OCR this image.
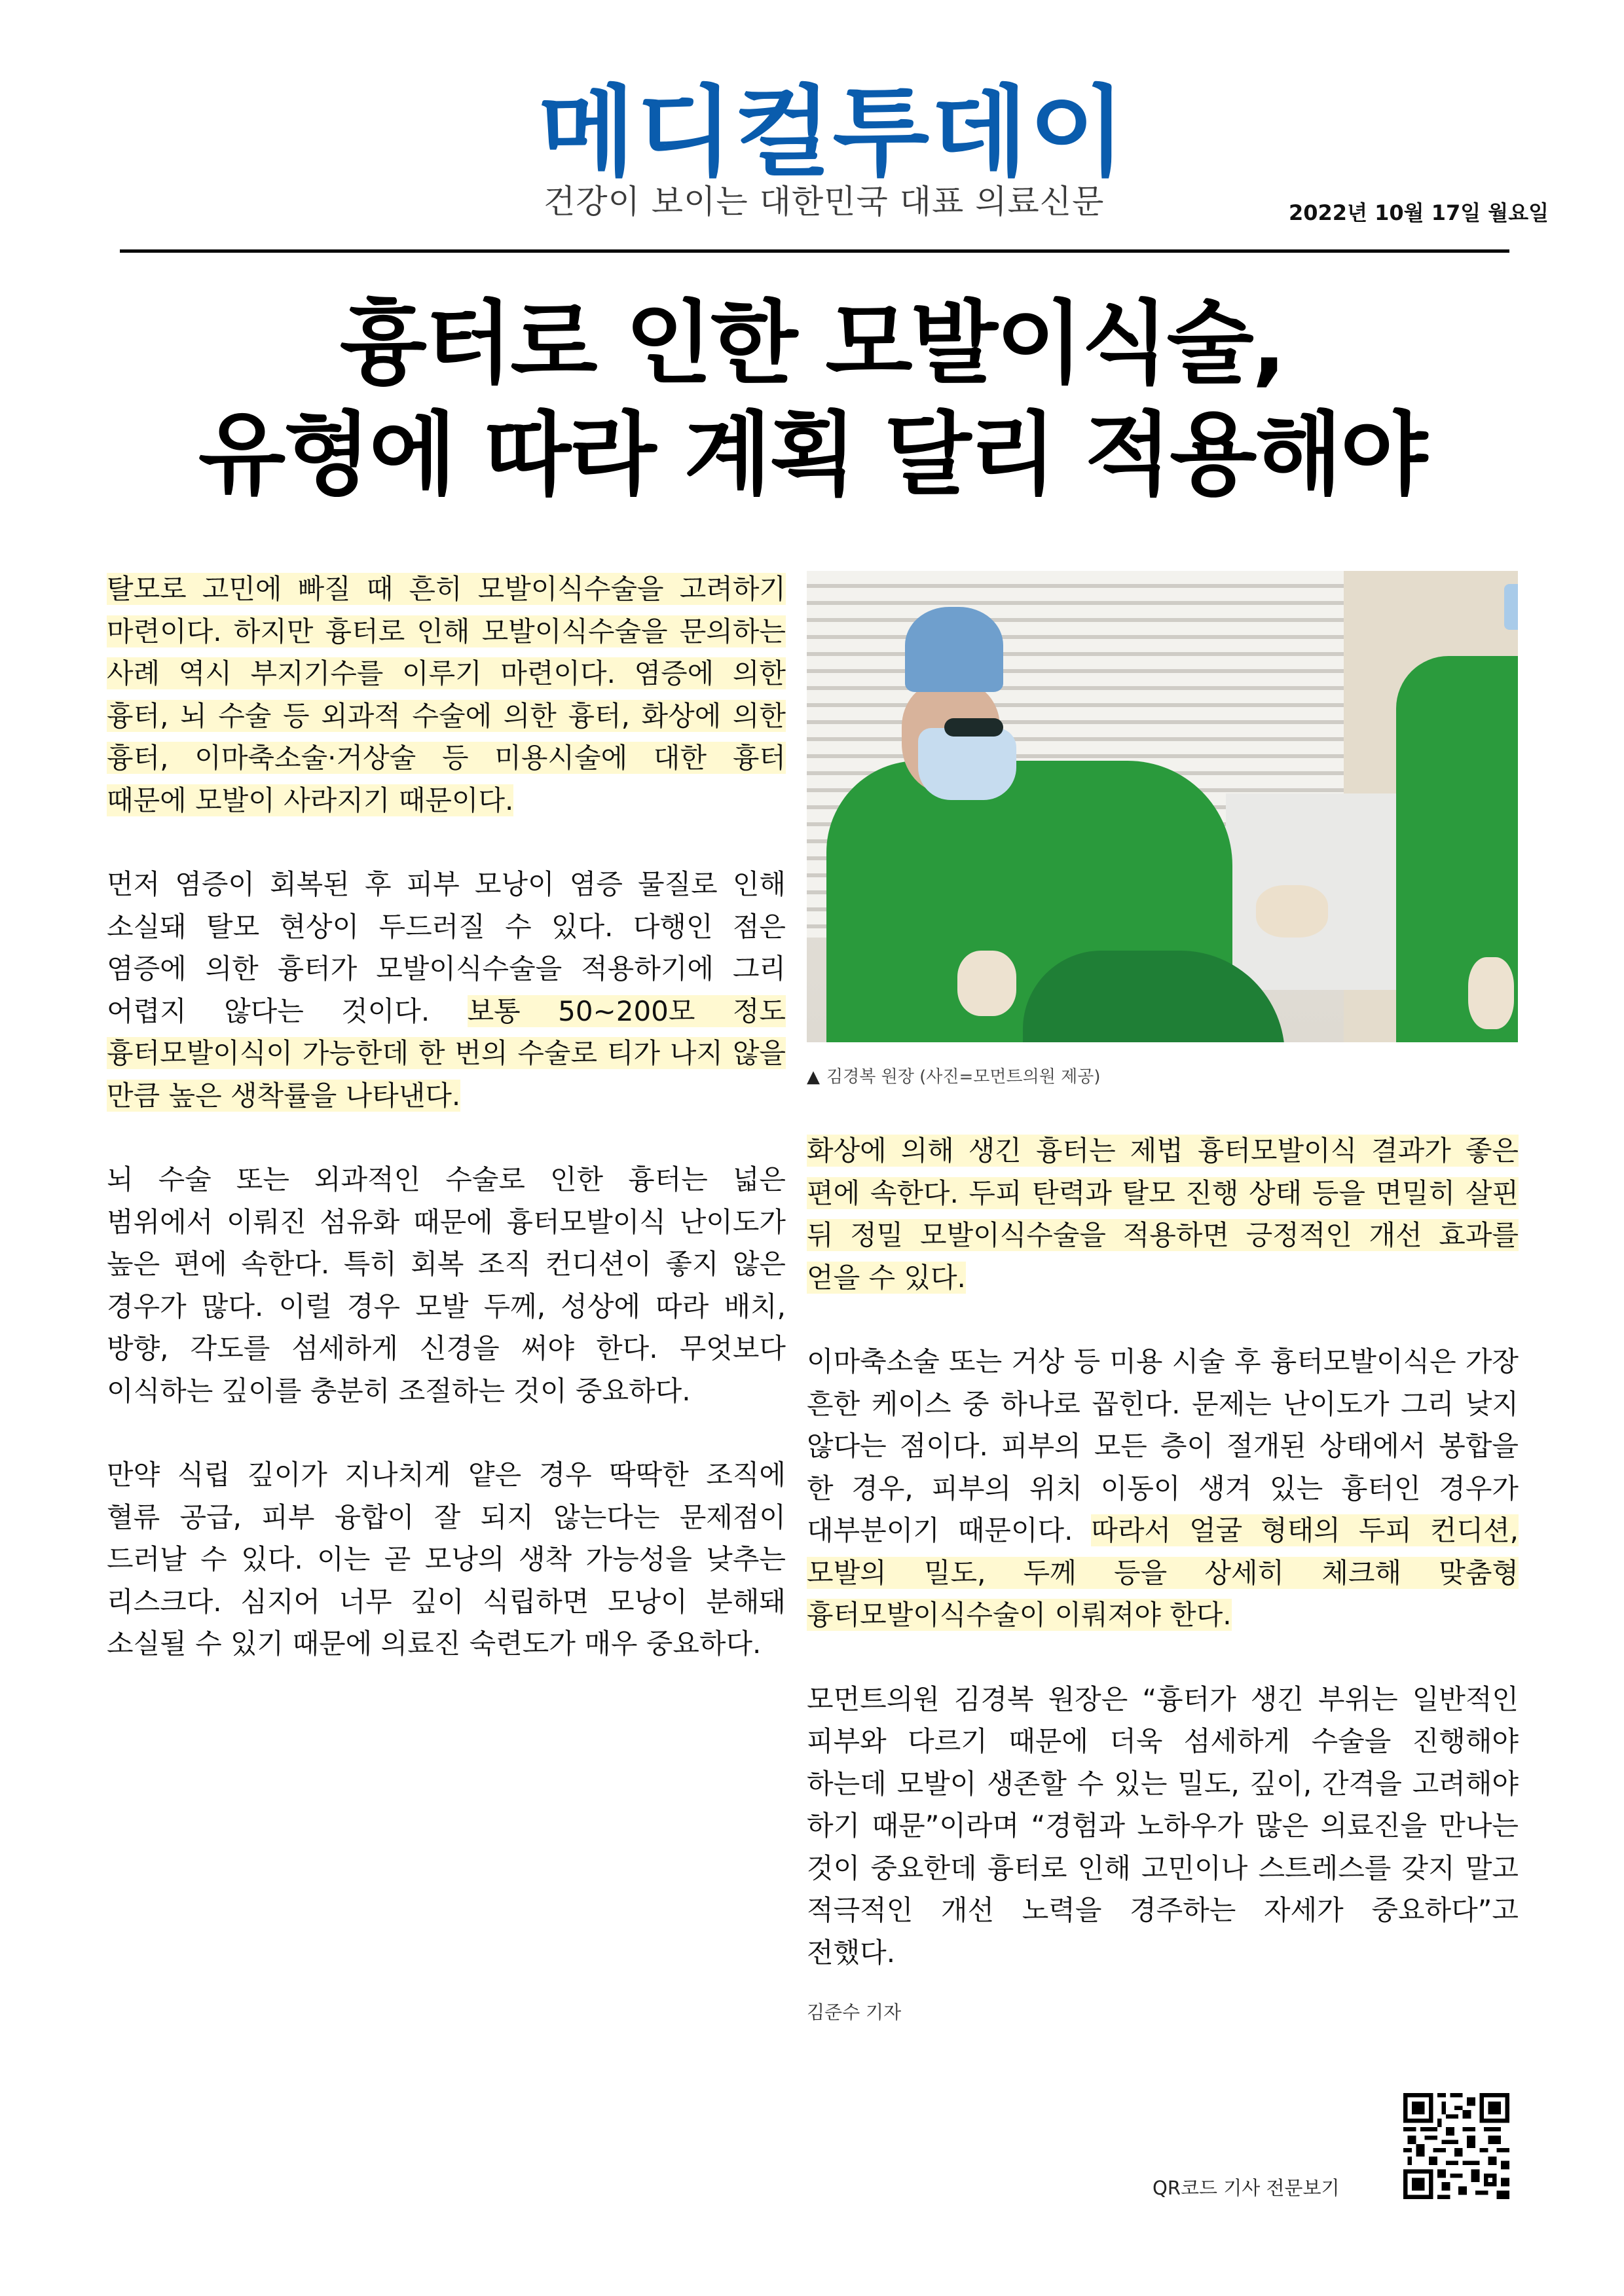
메디컬투데이
건강이 보이는 대한민국 대표 의료신문	2022년 10월 17일 월요일
흉터로 인한 모발이식술,
유형에 따라 계획 달리 적용해야

탈모로 고민에 빠질 때 흔히 모발이식수술을 고려하기 마련이다. 하지만 흉터로 인해 모발이식수술을 문의하는 사례 역시 부지기수를 이루기 마련이다. 염증에 의한 흉터, 뇌 수술 등 외과적 수술에 의한 흉터, 화상에 의한 흉터, 이마축소술·거상술 등 미용시술에 대한 흉터 때문에 모발이 사라지기 때문이다.

먼저 염증이 회복된 후 피부 모낭이 염증 물질로 인해 소실돼 탈모 현상이 두드러질 수 있다. 다행인 점은 염증에 의한 흉터가 모발이식수술을 적용하기에 그리 어렵지 않다는 것이다. 보통 50~200모 정도 흉터모발이식이 가능한데 한 번의 수술로 티가 나지 않을 만큼 높은 생착률을 나타낸다.

뇌 수술 또는 외과적인 수술로 인한 흉터는 넓은 범위에서 이뤄진 섬유화 때문에 흉터모발이식 난이도가 높은 편에 속한다. 특히 회복 조직 컨디션이 좋지 않은 경우가 많다. 이럴 경우 모발 두께, 성상에 따라 배치, 방향, 각도를 섬세하게 신경을 써야 한다. 무엇보다 이식하는 깊이를 충분히 조절하는 것이 중요하다.

만약 식립 깊이가 지나치게 얕은 경우 딱딱한 조직에 혈류 공급, 피부 융합이 잘 되지 않는다는 문제점이 드러날 수 있다. 이는 곧 모낭의 생착 가능성을 낮추는 리스크다. 심지어 너무 깊이 식립하면 모낭이 분해돼 소실될 수 있기 때문에 의료진 숙련도가 매우 중요하다.

▲ 김경복 원장 (사진=모먼트의원 제공)

화상에 의해 생긴 흉터는 제법 흉터모발이식 결과가 좋은 편에 속한다. 두피 탄력과 탈모 진행 상태 등을 면밀히 살핀 뒤 정밀 모발이식수술을 적용하면 긍정적인 개선 효과를 얻을 수 있다.

이마축소술 또는 거상 등 미용 시술 후 흉터모발이식은 가장 흔한 케이스 중 하나로 꼽힌다. 문제는 난이도가 그리 낮지 않다는 점이다. 피부의 모든 층이 절개된 상태에서 봉합을 한 경우, 피부의 위치 이동이 생겨 있는 흉터인 경우가 대부분이기 때문이다. 따라서 얼굴 형태의 두피 컨디션, 모발의 밀도, 두께 등을 상세히 체크해 맞춤형 흉터모발이식수술이 이뤄져야 한다.

모먼트의원 김경복 원장은 “흉터가 생긴 부위는 일반적인 피부와 다르기 때문에 더욱 섬세하게 수술을 진행해야 하는데 모발이 생존할 수 있는 밀도, 깊이, 간격을 고려해야 하기 때문”이라며 “경험과 노하우가 많은 의료진을 만나는 것이 중요한데 흉터로 인해 고민이나 스트레스를 갖지 말고 적극적인 개선 노력을 경주하는 자세가 중요하다”고 전했다.

김준수 기자
QR코드 기사 전문보기
